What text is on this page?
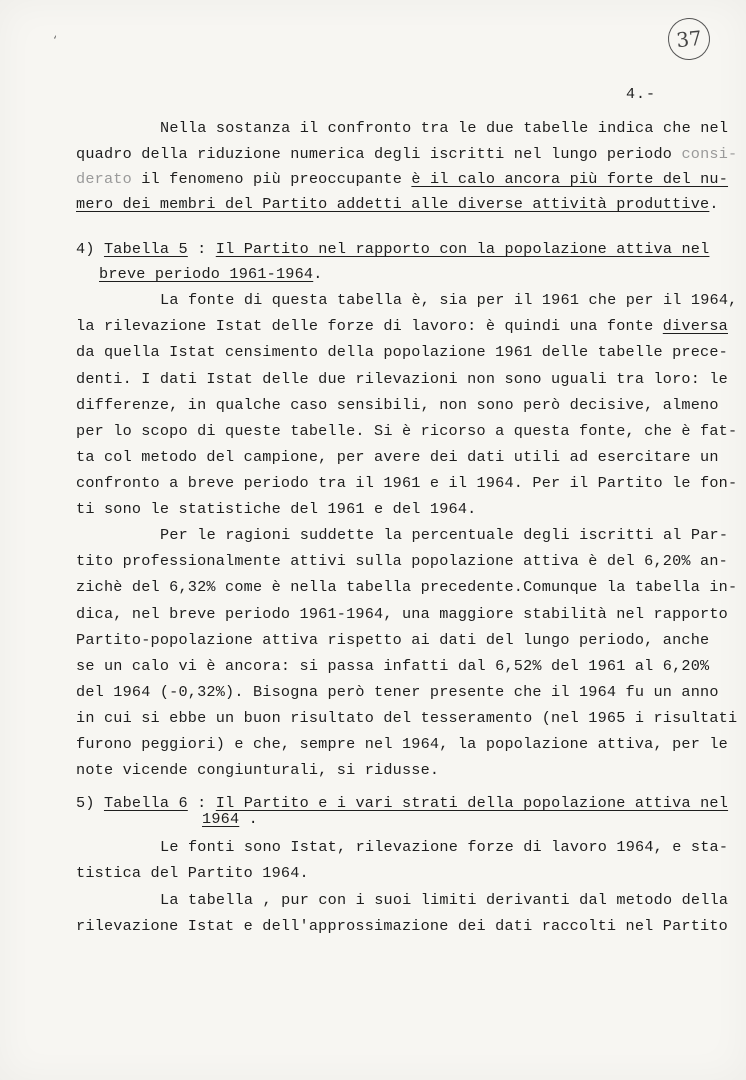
37
‘
4.-
Nella sostanza il confronto tra le due tabelle indica che nel
quadro della riduzione numerica degli iscritti nel lungo periodo consi-
derato il fenomeno più preoccupante è il calo ancora più forte del nu-
mero dei membri del Partito addetti alle diverse attività produttive.
4) Tabella 5 : Il Partito nel rapporto con la popolazione attiva nel
breve periodo 1961-1964.
La fonte di questa tabella è, sia per il 1961 che per il 1964,
la rilevazione Istat delle forze di lavoro: è quindi una fonte diversa
da quella Istat censimento della popolazione 1961 delle tabelle prece-
denti. I dati Istat delle due rilevazioni non sono uguali tra loro: le
differenze, in qualche caso sensibili, non sono però decisive, almeno
per lo scopo di queste tabelle. Si è ricorso a questa fonte, che è fat-
ta col metodo del campione, per avere dei dati utili ad esercitare un
confronto a breve periodo tra il 1961 e il 1964. Per il Partito le fon-
ti sono le statistiche del 1961 e del 1964.
Per le ragioni suddette la percentuale degli iscritti al Par-
tito professionalmente attivi sulla popolazione attiva è del 6,20% an-
zichè del 6,32% come è nella tabella precedente.Comunque la tabella in-
dica, nel breve periodo 1961-1964, una maggiore stabilità nel rapporto
Partito-popolazione attiva rispetto ai dati del lungo periodo, anche
se un calo vi è ancora: si passa infatti dal 6,52% del 1961 al 6,20%
del 1964 (-0,32%). Bisogna però tener presente che il 1964 fu un anno
in cui si ebbe un buon risultato del tesseramento (nel 1965 i risultati
furono peggiori) e che, sempre nel 1964, la popolazione attiva, per le
note vicende congiunturali, si ridusse.
5) Tabella 6 : Il Partito e i vari strati della popolazione attiva nel
1964 .
Le fonti sono Istat, rilevazione forze di lavoro 1964, e sta-
tistica del Partito 1964.
La tabella , pur con i suoi limiti derivanti dal metodo della
rilevazione Istat e dell'approssimazione dei dati raccolti nel Partito
